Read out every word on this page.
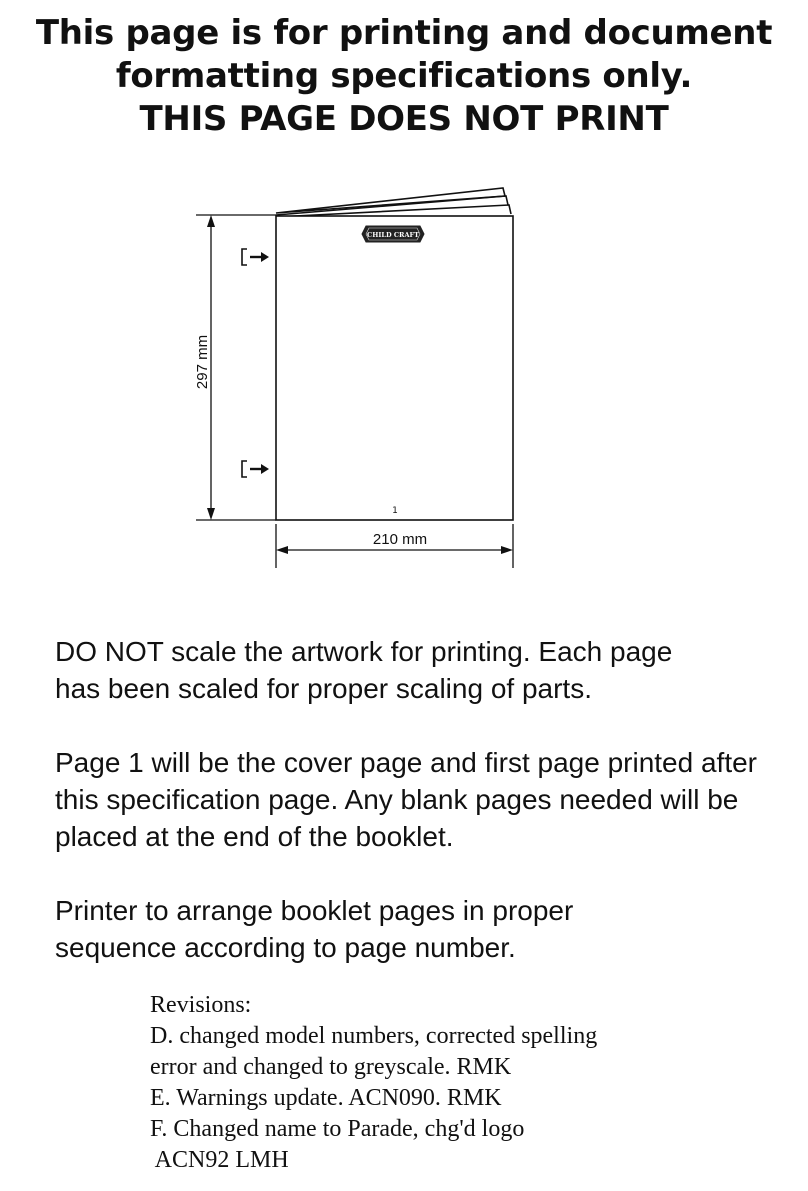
This page is for printing and document
formatting specifications only.
THIS PAGE DOES NOT PRINT
CHILD CRAFT
297 mm
1
210 mm
DO NOT scale the artwork for printing. Each page has been scaled for proper scaling of parts.
Page 1 will be the cover page and first page printed after this specification page. Any blank pages needed will be placed at the end of the booklet.
Printer to arrange booklet pages in proper sequence according to page number.
Revisions:
D. changed model numbers, corrected spelling
error and changed to greyscale. RMK
E. Warnings update. ACN090. RMK
F. Changed name to Parade, chg'd logo
ACN92 LMH
